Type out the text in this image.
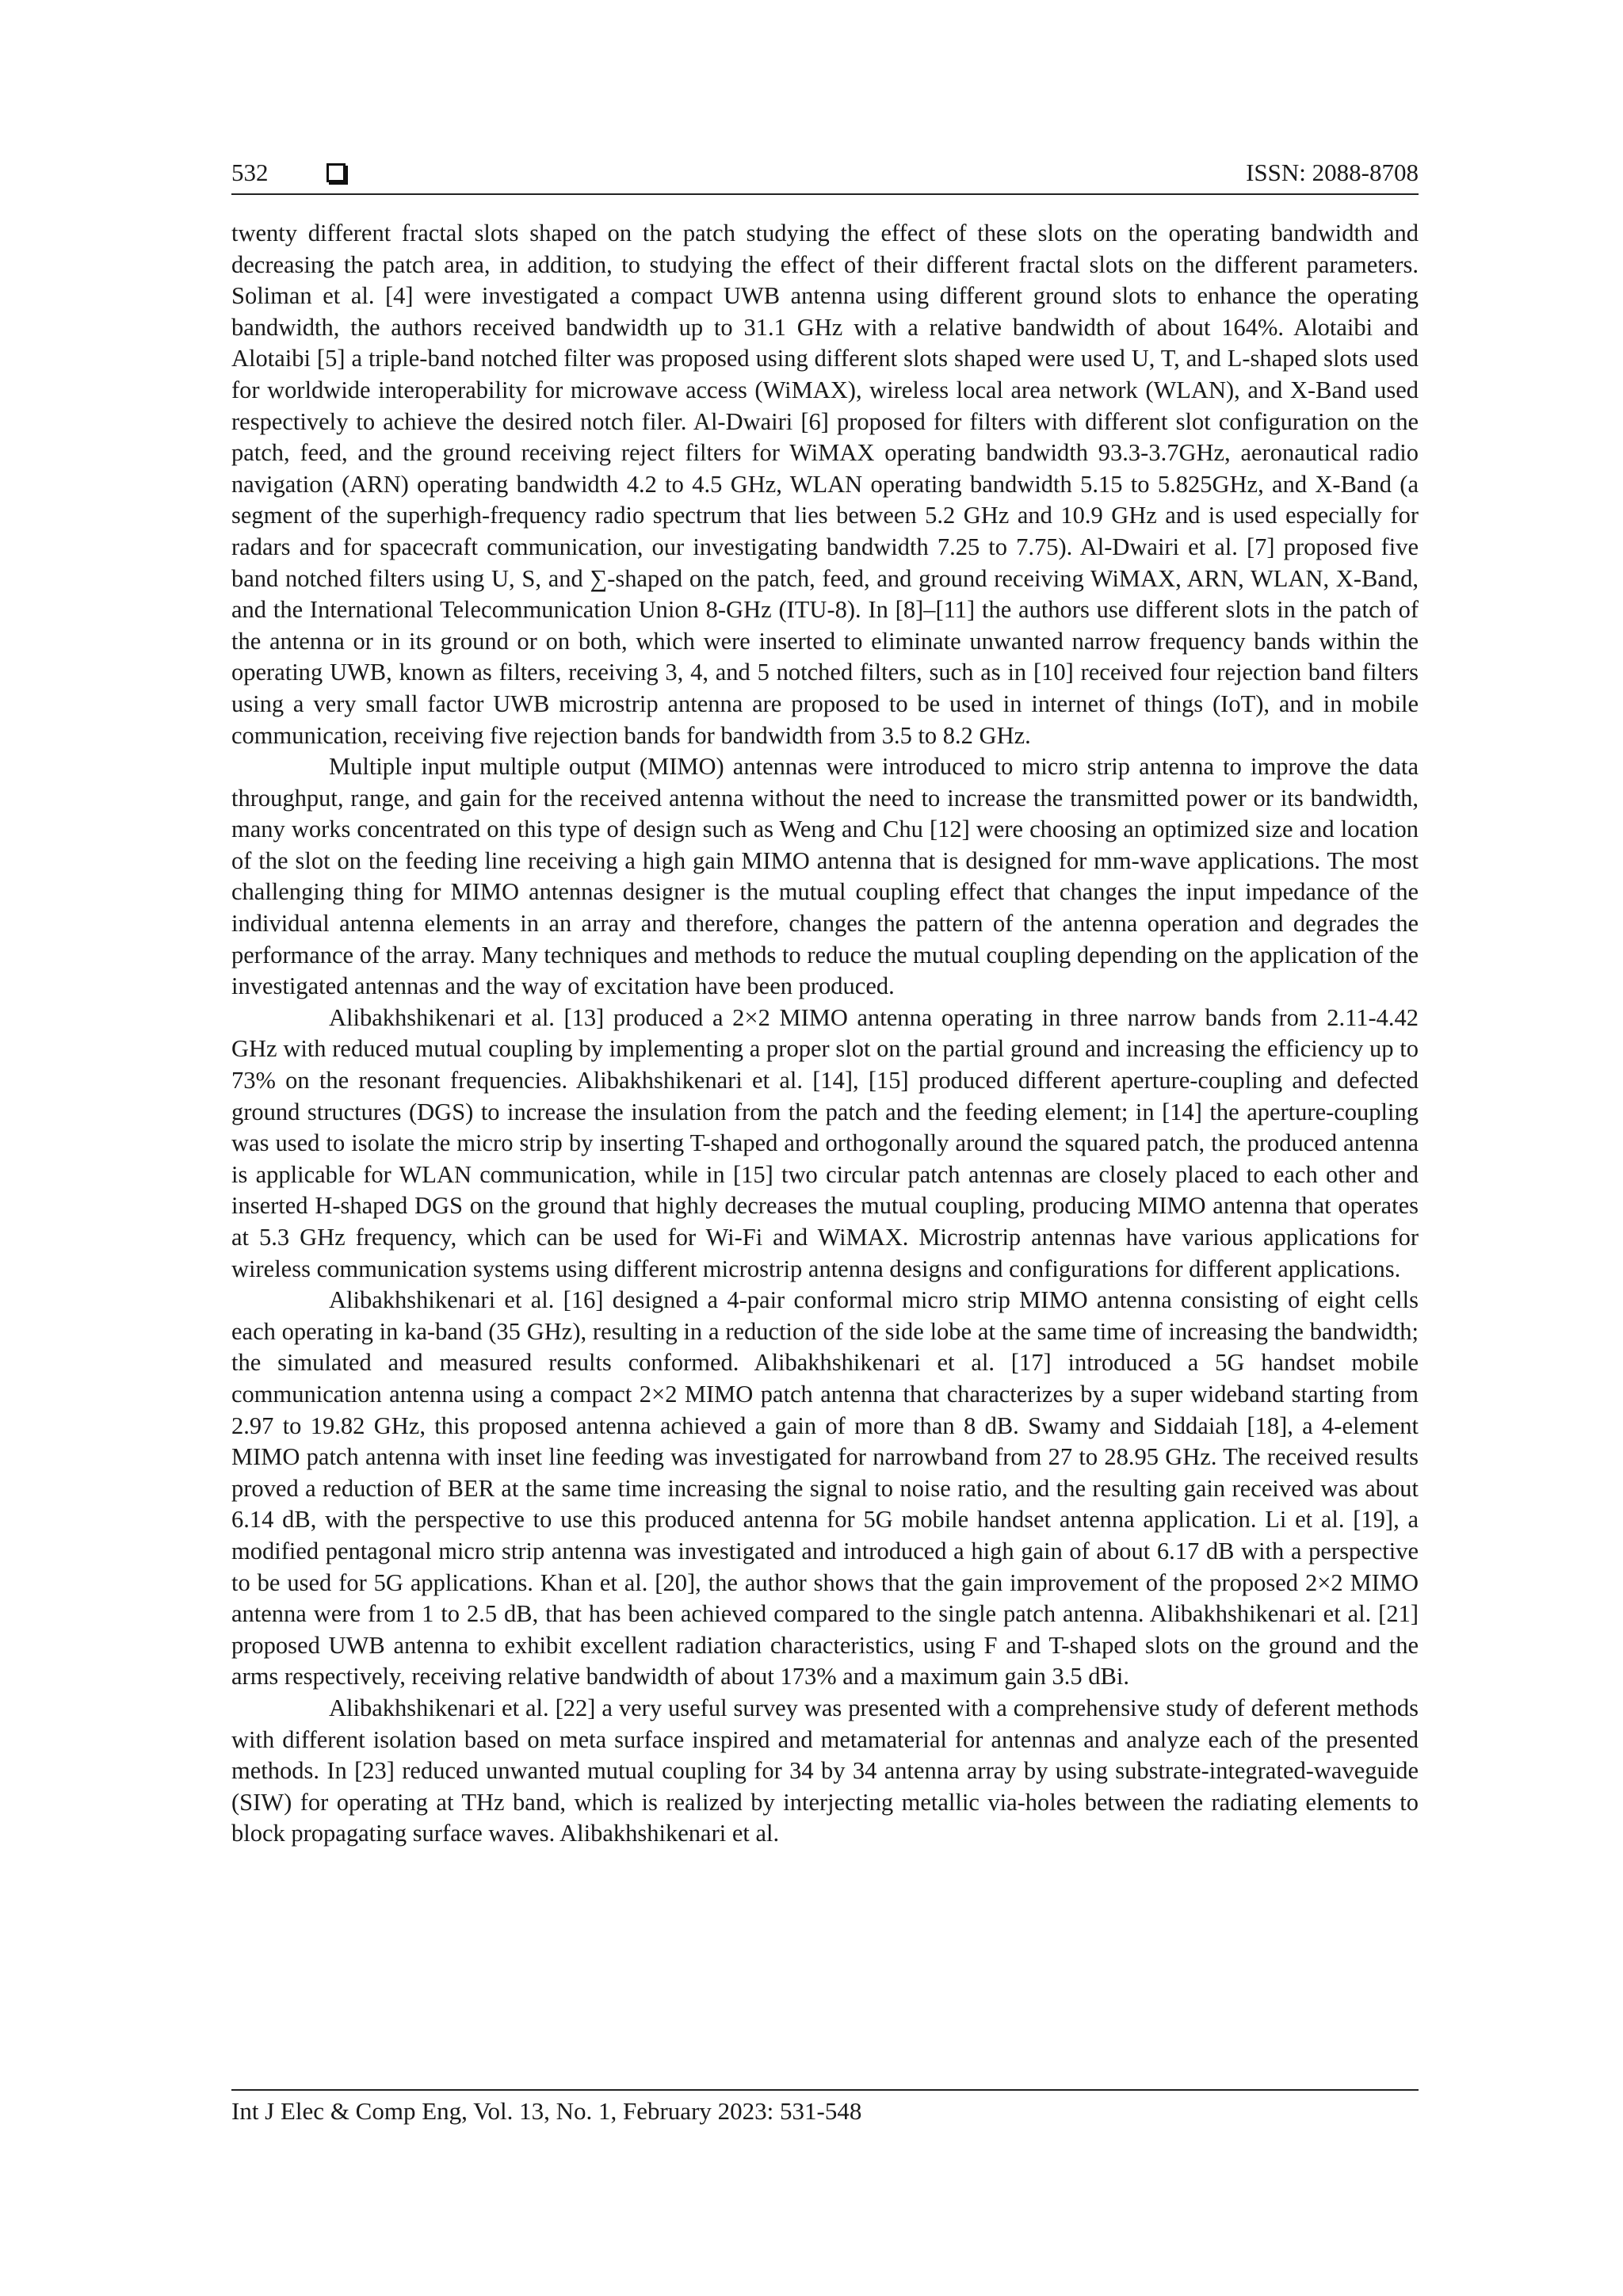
532	ISSN: 2088-8708

twenty different fractal slots shaped on the patch studying the effect of these slots on the operating bandwidth and decreasing the patch area, in addition, to studying the effect of their different fractal slots on the different parameters. Soliman et al. [4] were investigated a compact UWB antenna using different ground slots to enhance the operating bandwidth, the authors received bandwidth up to 31.1 GHz with a relative bandwidth of about 164%. Alotaibi and Alotaibi [5] a triple-band notched filter was proposed using different slots shaped were used U, T, and L-shaped slots used for worldwide interoperability for microwave access (WiMAX), wireless local area network (WLAN), and X-Band used respectively to achieve the desired notch filer. Al-Dwairi [6] proposed for filters with different slot configuration on the patch, feed, and the ground receiving reject filters for WiMAX operating bandwidth 93.3-3.7GHz, aeronautical radio navigation (ARN) operating bandwidth 4.2 to 4.5 GHz, WLAN operating bandwidth 5.15 to 5.825GHz, and X-Band (a segment of the superhigh-frequency radio spectrum that lies between 5.2 GHz and 10.9 GHz and is used especially for radars and for spacecraft communication, our investigating bandwidth 7.25 to 7.75). Al-Dwairi et al. [7] proposed five band notched filters using U, S, and ∑-shaped on the patch, feed, and ground receiving WiMAX, ARN, WLAN, X-Band, and the International Telecommunication Union 8-GHz (ITU-8). In [8]–[11] the authors use different slots in the patch of the antenna or in its ground or on both, which were inserted to eliminate unwanted narrow frequency bands within the operating UWB, known as filters, receiving 3, 4, and 5 notched filters, such as in [10] received four rejection band filters using a very small factor UWB microstrip antenna are proposed to be used in internet of things (IoT), and in mobile communication, receiving five rejection bands for bandwidth from 3.5 to 8.2 GHz.

Multiple input multiple output (MIMO) antennas were introduced to micro strip antenna to improve the data throughput, range, and gain for the received antenna without the need to increase the transmitted power or its bandwidth, many works concentrated on this type of design such as Weng and Chu [12] were choosing an optimized size and location of the slot on the feeding line receiving a high gain MIMO antenna that is designed for mm-wave applications. The most challenging thing for MIMO antennas designer is the mutual coupling effect that changes the input impedance of the individual antenna elements in an array and therefore, changes the pattern of the antenna operation and degrades the performance of the array. Many techniques and methods to reduce the mutual coupling depending on the application of the investigated antennas and the way of excitation have been produced.

Alibakhshikenari et al. [13] produced a 2×2 MIMO antenna operating in three narrow bands from 2.11-4.42 GHz with reduced mutual coupling by implementing a proper slot on the partial ground and increasing the efficiency up to 73% on the resonant frequencies. Alibakhshikenari et al. [14], [15] produced different aperture-coupling and defected ground structures (DGS) to increase the insulation from the patch and the feeding element; in [14] the aperture-coupling was used to isolate the micro strip by inserting T-shaped and orthogonally around the squared patch, the produced antenna is applicable for WLAN communication, while in [15] two circular patch antennas are closely placed to each other and inserted H-shaped DGS on the ground that highly decreases the mutual coupling, producing MIMO antenna that operates at 5.3 GHz frequency, which can be used for Wi-Fi and WiMAX. Microstrip antennas have various applications for wireless communication systems using different microstrip antenna designs and configurations for different applications.

Alibakhshikenari et al. [16] designed a 4-pair conformal micro strip MIMO antenna consisting of eight cells each operating in ka-band (35 GHz), resulting in a reduction of the side lobe at the same time of increasing the bandwidth; the simulated and measured results conformed. Alibakhshikenari et al. [17] introduced a 5G handset mobile communication antenna using a compact 2×2 MIMO patch antenna that characterizes by a super wideband starting from 2.97 to 19.82 GHz, this proposed antenna achieved a gain of more than 8 dB. Swamy and Siddaiah [18], a 4-element MIMO patch antenna with inset line feeding was investigated for narrowband from 27 to 28.95 GHz. The received results proved a reduction of BER at the same time increasing the signal to noise ratio, and the resulting gain received was about 6.14 dB, with the perspective to use this produced antenna for 5G mobile handset antenna application. Li et al. [19], a modified pentagonal micro strip antenna was investigated and introduced a high gain of about 6.17 dB with a perspective to be used for 5G applications. Khan et al. [20], the author shows that the gain improvement of the proposed 2×2 MIMO antenna were from 1 to 2.5 dB, that has been achieved compared to the single patch antenna. Alibakhshikenari et al. [21] proposed UWB antenna to exhibit excellent radiation characteristics, using F and T-shaped slots on the ground and the arms respectively, receiving relative bandwidth of about 173% and a maximum gain 3.5 dBi.

Alibakhshikenari et al. [22] a very useful survey was presented with a comprehensive study of deferent methods with different isolation based on meta surface inspired and metamaterial for antennas and analyze each of the presented methods. In [23] reduced unwanted mutual coupling for 34 by 34 antenna array by using substrate-integrated-waveguide (SIW) for operating at THz band, which is realized by interjecting metallic via-holes between the radiating elements to block propagating surface waves. Alibakhshikenari et al.

Int J Elec & Comp Eng, Vol. 13, No. 1, February 2023: 531-548
